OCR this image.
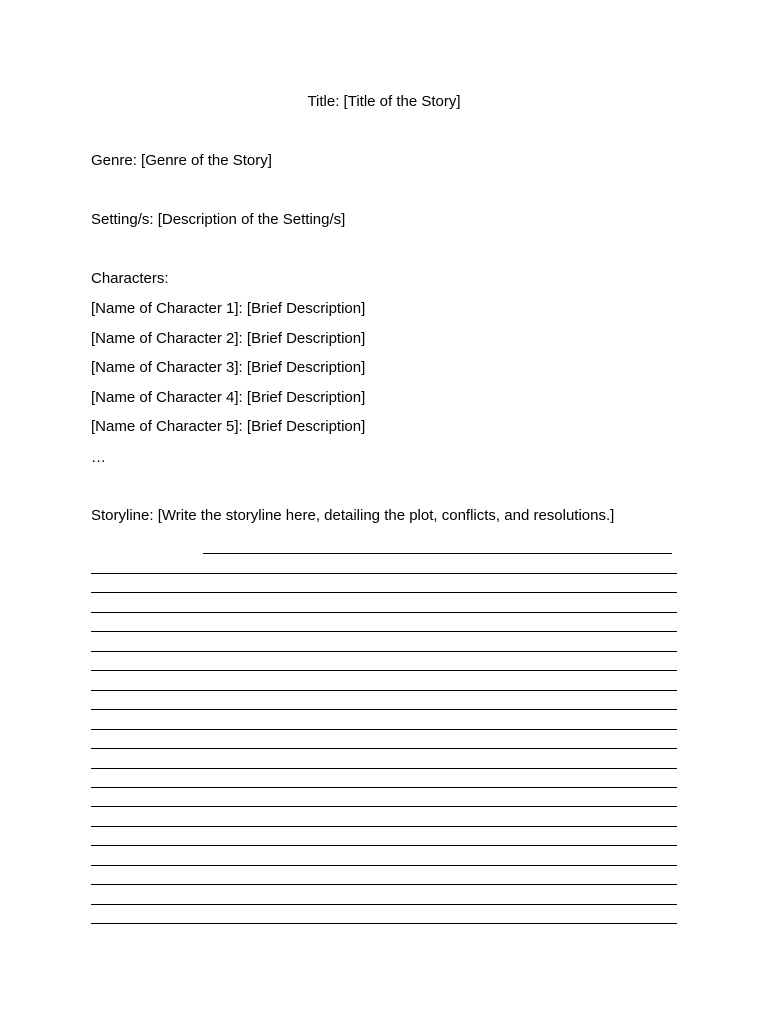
Title: [Title of the Story]
Genre: [Genre of the Story]
Setting/s: [Description of the Setting/s]
Characters:
[Name of Character 1]: [Brief Description]
[Name of Character 2]: [Brief Description]
[Name of Character 3]: [Brief Description]
[Name of Character 4]: [Brief Description]
[Name of Character 5]: [Brief Description]
…
Storyline: [Write the storyline here, detailing the plot, conflicts, and resolutions.]
